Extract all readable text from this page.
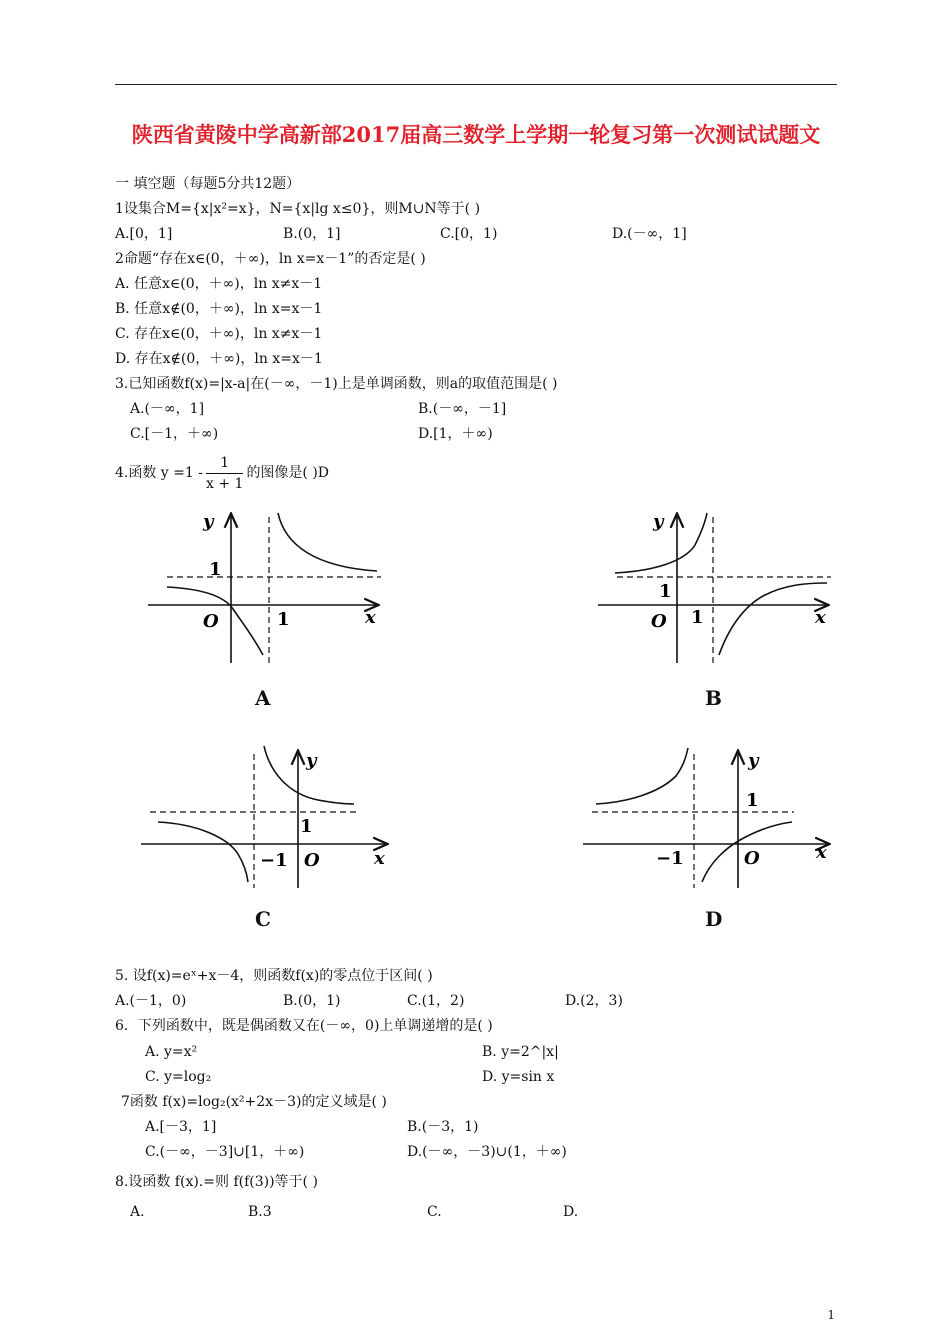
陕西省黄陵中学高新部2017届高三数学上学期一轮复习第一次测试试题文
一 填空题（每题5分共12题）
1设集合M={x|x²=x}，N={x|lg x≤0}，则M∪N等于( )
A.[0，1]	B.(0，1]	C.[0，1)	D.(－∞，1]
2命题“存在x∈(0，＋∞)，ln x=x－1”的否定是( )
A. 任意x∈(0，＋∞)，ln x≠x－1
B. 任意x∉(0，＋∞)，ln x=x－1
C. 存在x∈(0，＋∞)，ln x≠x－1
D. 存在x∉(0，＋∞)，ln x=x－1
3.已知函数f(x)=|x-a|在(－∞，－1)上是单调函数，则a的取值范围是( )
A.(－∞，1]	B.(－∞，－1]
C.[－1，＋∞)	D.[1，＋∞)
4.函数 $y =1 - \frac{1}{x + 1}$ 的图像是( )D
y
x
O
1
1
A
y
x
O
1
1
B
y
x
O
1
−1
C
y
x
O
1
−1
D
5. 设f(x)=eˣ+x－4，则函数f(x)的零点位于区间( )
A.(－1，0)	B.(0，1)	C.(1，2)	D.(2，3)
6．下列函数中，既是偶函数又在(－∞，0)上单调递增的是( )
A. y=x²	B. y=2^|x|
C. y=log₂	D. y=sin x
7函数 f(x)=log₂(x²+2x－3)的定义域是( )
A.[－3，1]	B.(－3，1)
C.(－∞，－3]∪[1，＋∞)	D.(－∞，－3)∪(1，＋∞)
8.设函数 f(x).=则 f(f(3))等于( )
A.	B.3	C.	D.
1
